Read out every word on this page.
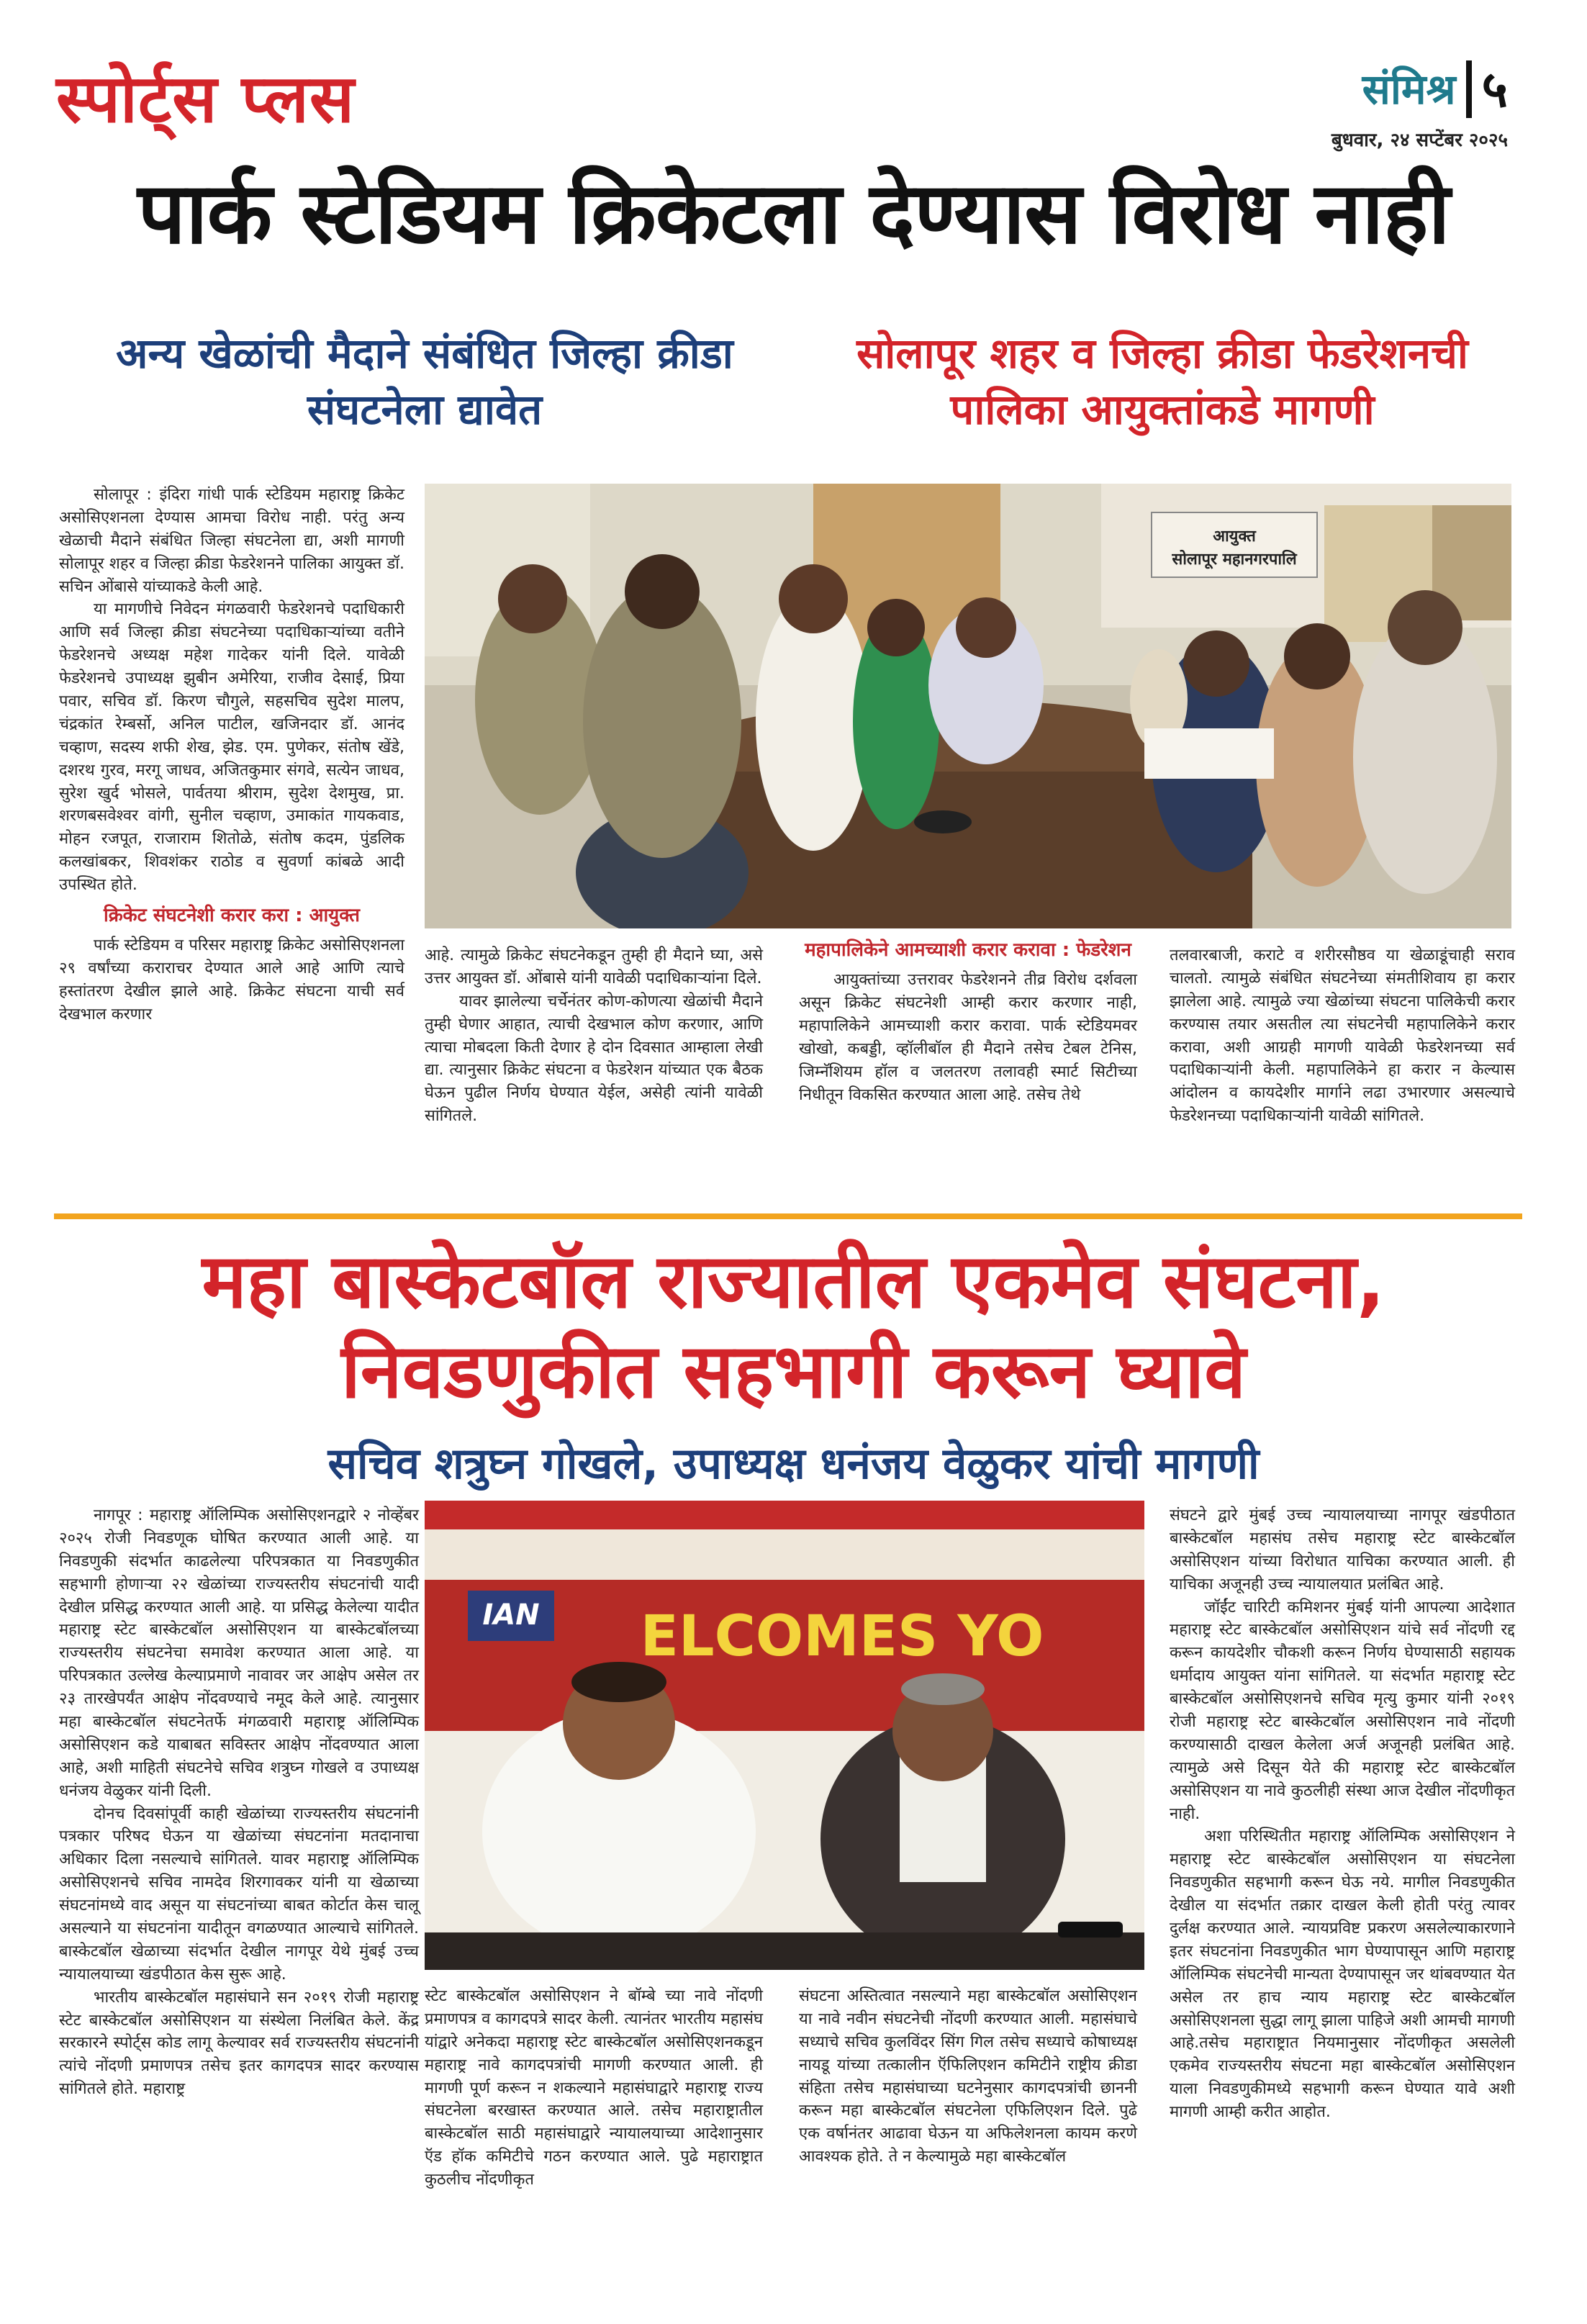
स्पोर्ट्स प्लस	संमिश्र ५
बुधवार, २४ सप्टेंबर २०२५
पार्क स्टेडियम क्रिकेटला देण्यास विरोध नाही
अन्य खेळांची मैदाने संबंधित जिल्हा क्रीडा संघटनेला द्यावेत
सोलापूर शहर व जिल्हा क्रीडा फेडरेशनची पालिका आयुक्तांकडे मागणी

सोलापूर : इंदिरा गांधी पार्क स्टेडियम महाराष्ट्र क्रिकेट असोसिएशनला देण्यास आमचा विरोध नाही. परंतु अन्य खेळाची मैदाने संबंधित जिल्हा संघटनेला द्या, अशी मागणी सोलापूर शहर व जिल्हा क्रीडा फेडरेशनने पालिका आयुक्त डॉ. सचिन ओंबासे यांच्याकडे केली आहे.

या मागणीचे निवेदन मंगळवारी फेडरेशनचे पदाधिकारी आणि सर्व जिल्हा क्रीडा संघटनेच्या पदाधिकाऱ्यांच्या वतीने फेडरेशनचे अध्यक्ष महेश गादेकर यांनी दिले. यावेळी फेडरेशनचे उपाध्यक्ष झुबीन अमेरिया, राजीव देसाई, प्रिया पवार, सचिव डॉ. किरण चौगुले, सहसचिव सुदेश मालप, चंद्रकांत रेम्बर्सो, अनिल पाटील, खजिनदार डॉ. आनंद चव्हाण, सदस्य शफी शेख, झेड. एम. पुणेकर, संतोष खेंडे, दशरथ गुरव, मरगू जाधव, अजितकुमार संगवे, सत्येन जाधव, सुरेश खुर्द भोसले, पार्वतया श्रीराम, सुदेश देशमुख, प्रा. शरणबसवेश्वर वांगी, सुनील चव्हाण, उमाकांत गायकवाड, मोहन रजपूत, राजाराम शितोळे, संतोष कदम, पुंडलिक कलखांबकर, शिवशंकर राठोड व सुवर्णा कांबळे आदी उपस्थित होते.

क्रिकेट संघटनेशी करार करा : आयुक्त

पार्क स्टेडियम व परिसर महाराष्ट्र क्रिकेट असोसिएशनला २९ वर्षांच्या कराराचर देण्यात आले आहे आणि त्याचे हस्तांतरण देखील झाले आहे. क्रिकेट संघटना याची सर्व देखभाल करणार

आयुक्त
सोलापूर महानगरपालि

आहे. त्यामुळे क्रिकेट संघटनेकडून तुम्ही ही मैदाने घ्या, असे उत्तर आयुक्त डॉ. ओंबासे यांनी यावेळी पदाधिकाऱ्यांना दिले.

यावर झालेल्या चर्चेनंतर कोण-कोणत्या खेळांची मैदाने तुम्ही घेणार आहात, त्याची देखभाल कोण करणार, आणि त्याचा मोबदला किती देणार हे दोन दिवसात आम्हाला लेखी द्या. त्यानुसार क्रिकेट संघटना व फेडरेशन यांच्यात एक बैठक घेऊन पुढील निर्णय घेण्यात येईल, असेही त्यांनी यावेळी सांगितले.

महापालिकेने आमच्याशी करार करावा : फेडरेशन

आयुक्तांच्या उत्तरावर फेडरेशनने तीव्र विरोध दर्शवला असून क्रिकेट संघटनेशी आम्ही करार करणार नाही, महापालिकेने आमच्याशी करार करावा. पार्क स्टेडियमवर खोखो, कबड्डी, व्हॉलीबॉल ही मैदाने तसेच टेबल टेनिस, जिम्नॅशियम हॉल व जलतरण तलावही स्मार्ट सिटीच्या निधीतून विकसित करण्यात आला आहे. तसेच तेथे

तलवारबाजी, कराटे व शरीरसौष्ठव या खेळाडूंचाही सराव चालतो. त्यामुळे संबंधित संघटनेच्या संमतीशिवाय हा करार झालेला आहे. त्यामुळे ज्या खेळांच्या संघटना पालिकेची करार करण्यास तयार असतील त्या संघटनेची महापालिकेने करार करावा, अशी आग्रही मागणी यावेळी फेडरेशनच्या सर्व पदाधिकाऱ्यांनी केली. महापालिकेने हा करार न केल्यास आंदोलन व कायदेशीर मार्गाने लढा उभारणार असल्याचे फेडरेशनच्या पदाधिकाऱ्यांनी यावेळी सांगितले.

महा बास्केटबॉल राज्यातील एकमेव संघटना,
निवडणुकीत सहभागी करून घ्यावे
सचिव शत्रुघ्न गोखले, उपाध्यक्ष धनंजय वेळुकर यांची मागणी

नागपूर : महाराष्ट्र ऑलिम्पिक असोसिएशनद्वारे २ नोव्हेंबर २०२५ रोजी निवडणूक घोषित करण्यात आली आहे. या निवडणुकी संदर्भात काढलेल्या परिपत्रकात या निवडणुकीत सहभागी होणाऱ्या २२ खेळांच्या राज्यस्तरीय संघटनांची यादी देखील प्रसिद्ध करण्यात आली आहे. या प्रसिद्ध केलेल्या यादीत महाराष्ट्र स्टेट बास्केटबॉल असोसिएशन या बास्केटबॉलच्या राज्यस्तरीय संघटनेचा समावेश करण्यात आला आहे. या परिपत्रकात उल्लेख केल्याप्रमाणे नावावर जर आक्षेप असेल तर २३ तारखेपर्यंत आक्षेप नोंदवण्याचे नमूद केले आहे. त्यानुसार महा बास्केटबॉल संघटनेतर्फे मंगळवारी महाराष्ट्र ऑलिम्पिक असोसिएशन कडे याबाबत सविस्तर आक्षेप नोंदवण्यात आला आहे, अशी माहिती संघटनेचे सचिव शत्रुघ्न गोखले व उपाध्यक्ष धनंजय वेळुकर यांनी दिली.

दोनच दिवसांपूर्वी काही खेळांच्या राज्यस्तरीय संघटनांनी पत्रकार परिषद घेऊन या खेळांच्या संघटनांना मतदानाचा अधिकार दिला नसल्याचे सांगितले. यावर महाराष्ट्र ऑलिम्पिक असोसिएशनचे सचिव नामदेव शिरगावकर यांनी या खेळाच्या संघटनांमध्ये वाद असून या संघटनांच्या बाबत कोर्टात केस चालू असल्याने या संघटनांना यादीतून वगळण्यात आल्याचे सांगितले. बास्केटबॉल खेळाच्या संदर्भात देखील नागपूर येथे मुंबई उच्च न्यायालयाच्या खंडपीठात केस सुरू आहे.

भारतीय बास्केटबॉल महासंघाने सन २०१९ रोजी महाराष्ट्र स्टेट बास्केटबॉल असोसिएशन या संस्थेला निलंबित केले. केंद्र सरकारने स्पोर्ट्स कोड लागू केल्यावर सर्व राज्यस्तरीय संघटनांनी त्यांचे नोंदणी प्रमाणपत्र तसेच इतर कागदपत्र सादर करण्यास सांगितले होते. महाराष्ट्र

IAN ELCOMES YO

स्टेट बास्केटबॉल असोसिएशन ने बॉम्बे च्या नावे नोंदणी प्रमाणपत्र व कागदपत्रे सादर केली. त्यानंतर भारतीय महासंघ यांद्वारे अनेकदा महाराष्ट्र स्टेट बास्केटबॉल असोसिएशनकडून महाराष्ट्र नावे कागदपत्रांची मागणी करण्यात आली. ही मागणी पूर्ण करून न शकल्याने महासंघाद्वारे महाराष्ट्र राज्य संघटनेला बरखास्त करण्यात आले. तसेच महाराष्ट्रातील बास्केटबॉल साठी महासंघाद्वारे न्यायालयाच्या आदेशानुसार ऍड हॉक कमिटीचे गठन करण्यात आले. पुढे महाराष्ट्रात कुठलीच नोंदणीकृत

संघटना अस्तित्वात नसल्याने महा बास्केटबॉल असोसिएशन या नावे नवीन संघटनेची नोंदणी करण्यात आली. महासंघाचे सध्याचे सचिव कुलविंदर सिंग गिल तसेच सध्याचे कोषाध्यक्ष नायडू यांच्या तत्कालीन ऍफिलिएशन कमिटीने राष्ट्रीय क्रीडा संहिता तसेच महासंघाच्या घटनेनुसार कागदपत्रांची छाननी करून महा बास्केटबॉल संघटनेला एफिलिएशन दिले. पुढे एक वर्षानंतर आढावा घेऊन या अफिलेशनला कायम करणे आवश्यक होते. ते न केल्यामुळे महा बास्केटबॉल

संघटने द्वारे मुंबई उच्च न्यायालयाच्या नागपूर खंडपीठात बास्केटबॉल महासंघ तसेच महाराष्ट्र स्टेट बास्केटबॉल असोसिएशन यांच्या विरोधात याचिका करण्यात आली. ही याचिका अजूनही उच्च न्यायालयात प्रलंबित आहे.

जॉईंट चारिटी कमिशनर मुंबई यांनी आपल्या आदेशात महाराष्ट्र स्टेट बास्केटबॉल असोसिएशन यांचे सर्व नोंदणी रद्द करून कायदेशीर चौकशी करून निर्णय घेण्यासाठी सहायक धर्मादाय आयुक्त यांना सांगितले. या संदर्भात महाराष्ट्र स्टेट बास्केटबॉल असोसिएशनचे सचिव मृत्यु कुमार यांनी २०१९ रोजी महाराष्ट्र स्टेट बास्केटबॉल असोसिएशन नावे नोंदणी करण्यासाठी दाखल केलेला अर्ज अजूनही प्रलंबित आहे. त्यामुळे असे दिसून येते की महाराष्ट्र स्टेट बास्केटबॉल असोसिएशन या नावे कुठलीही संस्था आज देखील नोंदणीकृत नाही.

अशा परिस्थितीत महाराष्ट्र ऑलिम्पिक असोसिएशन ने महाराष्ट्र स्टेट बास्केटबॉल असोसिएशन या संघटनेला निवडणुकीत सहभागी करून घेऊ नये. मागील निवडणुकीत देखील या संदर्भात तक्रार दाखल केली होती परंतु त्यावर दुर्लक्ष करण्यात आले. न्यायप्रविष्ट प्रकरण असलेल्याकारणाने इतर संघटनांना निवडणुकीत भाग घेण्यापासून आणि महाराष्ट्र ऑलिम्पिक संघटनेची मान्यता देण्यापासून जर थांबवण्यात येत असेल तर हाच न्याय महाराष्ट्र स्टेट बास्केटबॉल असोसिएशनला सुद्धा लागू झाला पाहिजे अशी आमची मागणी आहे.तसेच महाराष्ट्रात नियमानुसार नोंदणीकृत असलेली एकमेव राज्यस्तरीय संघटना महा बास्केटबॉल असोसिएशन याला निवडणुकीमध्ये सहभागी करून घेण्यात यावे अशी मागणी आम्ही करीत आहोत.
